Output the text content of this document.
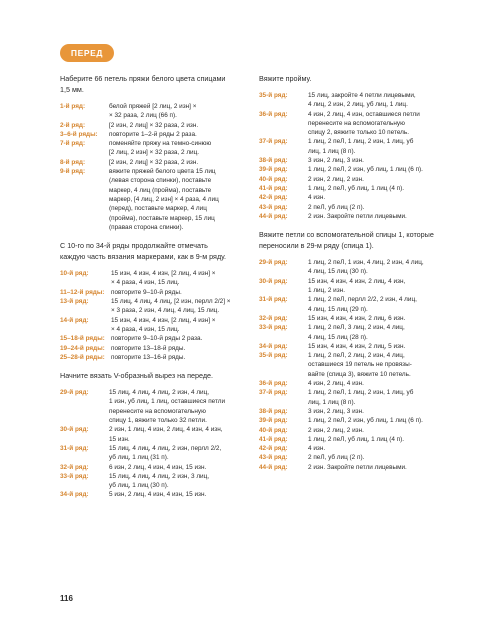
ПЕРЕД

Наберите 66 петель пряжи белого цвета спицами 1,5 мм.

1-й ряд:	белой пряжей [2 лиц, 2 изн] ×
× 32 раза, 2 лиц (66 п).
2-й ряд:	[2 изн, 2 лиц] × 32 раза, 2 изн.
3–6-й ряды:	повторите 1–2-й ряды 2 раза.
7-й ряд:	поменяйте пряжу на темно-синюю
[2 лиц, 2 изн] × 32 раза, 2 лиц.
8-й ряд:	[2 изн, 2 лиц] × 32 раза, 2 изн.
9-й ряд:	вяжите пряжей белого цвета 15 лиц
(левая сторона спинки), поставьте
маркер, 4 лиц (пройма), поставьте
маркер, [4 лиц, 2 изн] × 4 раза, 4 лиц
(перед), поставьте маркер, 4 лиц
(пройма), поставьте маркер, 15 лиц
(правая сторона спинки).

С 10-го по 34-й ряды продолжайте отмечать каждую часть вязания маркерами, как в 9-м ряду.

10-й ряд:	15 изн, 4 изн, 4 изн, [2 лиц, 4 изн] ×
× 4 раза, 4 изн, 15 лиц.
11–12-й ряды:	повторите 9–10-й ряды.
13-й ряд:	15 лиц, 4 лиц, 4 лиц, [2 изн, перлл 2/2] ×
× 3 раза, 2 изн, 4 лиц, 4 лиц, 15 лиц.
14-й ряд:	15 изн, 4 изн, 4 изн, [2 лиц, 4 изн] ×
× 4 раза, 4 изн, 15 лиц.
15–18-й ряды: повторите 9–10-й ряды 2 раза.
19–24-й ряды: повторите 13–18-й ряды.
25–28-й ряды: повторите 13–16-й ряды.

Начните вязать V-образный вырез на переде.

29-й ряд:	15 лиц, 4 лиц, 4 лиц, 2 изн, 4 лиц,
1 изн, уб лиц, 1 лиц, оставшиеся петли
перенесите на вспомогательную
спицу 1, вяжите только 32 петли.
30-й ряд:	2 изн, 1 лиц, 4 изн, 2 лиц, 4 изн, 4 изн,
15 изн.
31-й ряд:	15 лиц, 4 лиц, 4 лиц, 2 изн, перлл 2/2,
уб лиц, 1 лиц (31 п).
32-й ряд:	6 изн, 2 лиц, 4 изн, 4 изн, 15 изн.
33-й ряд:	15 лиц, 4 лиц, 4 лиц, 2 изн, 3 лиц,
уб лиц, 1 лиц (30 п).
34-й ряд:	5 изн, 2 лиц, 4 изн, 4 изн, 15 изн.

Вяжите пройму.

35-й ряд:	15 лиц, закройте 4 петли лицевыми,
4 лиц, 2 изн, 2 лиц, уб лиц, 1 лиц.
36-й ряд:	4 изн, 2 лиц, 4 изн, оставшиеся петли
перенесите на вспомогательную
спицу 2, вяжите только 10 петель.
37-й ряд:	1 лиц, 2 пеЛ, 1 лиц, 2 изн, 1 лиц, уб
лиц, 1 лиц (8 п).
38-й ряд:	3 изн, 2 лиц, 3 изн.
39-й ряд:	1 лиц, 2 пеЛ, 2 изн, уб лиц, 1 лиц (6 п).
40-й ряд:	2 изн, 2 лиц, 2 изн.
41-й ряд:	1 лиц, 2 пеЛ, уб лиц, 1 лиц (4 п).
42-й ряд:	4 изн.
43-й ряд:	2 пеЛ, уб лиц (2 п).
44-й ряд:	2 изн. Закройте петли лицевыми.

Вяжите петли со вспомогательной спицы 1, которые переносили в 29-м ряду (спица 1).

29-й ряд:	1 лиц, 2 пеЛ, 1 изн, 4 лиц, 2 изн, 4 лиц,
4 лиц, 15 лиц (30 п).
30-й ряд:	15 изн, 4 изн, 4 изн, 2 лиц, 4 изн,
1 лиц, 2 изн.
31-й ряд:	1 лиц, 2 пеЛ, перлл 2/2, 2 изн, 4 лиц,
4 лиц, 15 лиц (29 п).
32-й ряд:	15 изн, 4 изн, 4 изн, 2 лиц, 6 изн.
33-й ряд:	1 лиц, 2 пеЛ, 3 лиц, 2 изн, 4 лиц,
4 лиц, 15 лиц (28 п).
34-й ряд:	15 изн, 4 изн, 4 изн, 2 лиц, 5 изн.
35-й ряд:	1 лиц, 2 пеЛ, 2 лиц, 2 изн, 4 лиц,
оставшиеся 19 петель не провязы-
вайте (спица 3), вяжите 10 петель.
36-й ряд:	4 изн, 2 лиц, 4 изн.
37-й ряд:	1 лиц, 2 пеЛ, 1 лиц, 2 изн, 1 лиц, уб
лиц, 1 лиц (8 п).
38-й ряд:	3 изн, 2 лиц, 3 изн.
39-й ряд:	1 лиц, 2 пеЛ, 2 изн, уб лиц, 1 лиц (6 п).
40-й ряд:	2 изн, 2 лиц, 2 изн.
41-й ряд:	1 лиц, 2 пеЛ, уб лиц, 1 лиц (4 п).
42-й ряд:	4 изн.
43-й ряд:	2 пеЛ, уб лиц (2 п).
44-й ряд:	2 изн. Закройте петли лицевыми.
116
